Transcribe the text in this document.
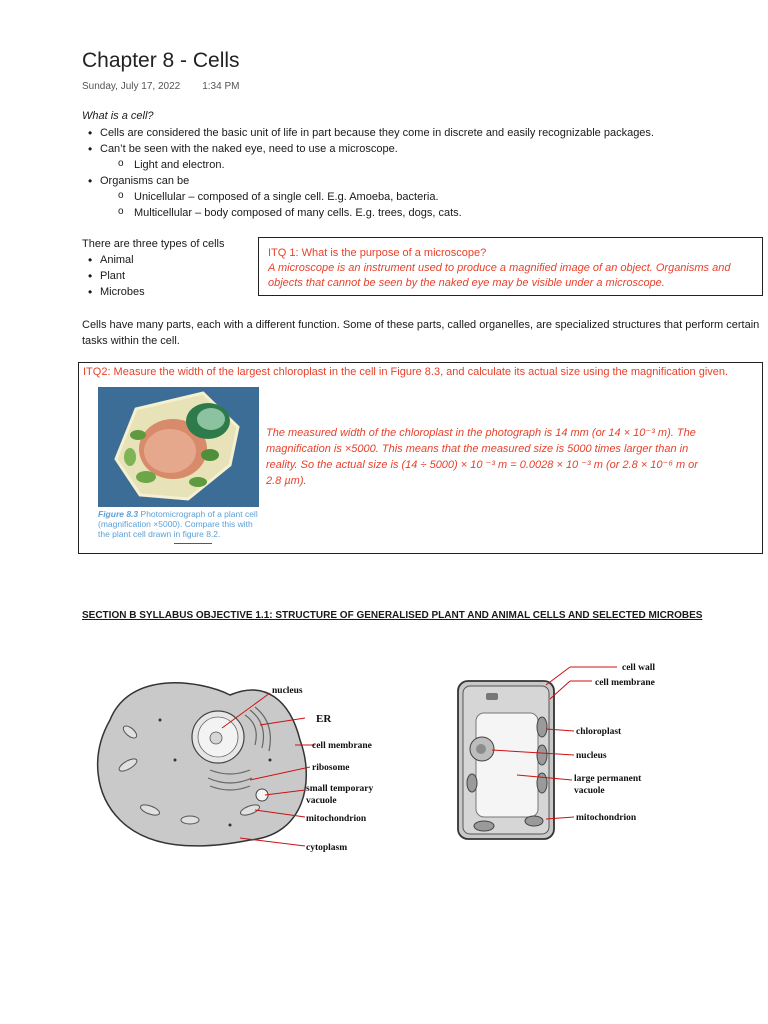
Chapter 8 - Cells
Sunday, July 17, 2022 1:34 PM
What is a cell?
• Cells are considered the basic unit of life in part because they come in discrete and easily recognizable packages.
• Can’t be seen with the naked eye, need to use a microscope.
o Light and electron.
• Organisms can be
o Unicellular – composed of a single cell. E.g. Amoeba, bacteria.
o Multicellular – body composed of many cells. E.g. trees, dogs, cats.
There are three types of cells
• Animal
• Plant
• Microbes
ITQ 1: What is the purpose of a microscope?
A microscope is an instrument used to produce a magnified image of an object. Organisms and objects that cannot be seen by the naked eye may be visible under a microscope.
Cells have many parts, each with a different function. Some of these parts, called organelles, are specialized structures that perform certain tasks within the cell.
ITQ2: Measure the width of the largest chloroplast in the cell in Figure 8.3, and calculate its actual size using the magnification given.
Figure 8.3 Photomicrograph of a plant cell (magnification ×5000). Compare this with the plant cell drawn in figure 8.2.
The measured width of the chloroplast in the photograph is 14 mm (or 14 × 10⁻³ m). The magnification is ×5000. This means that the measured size is 5000 times larger than in reality. So the actual size is (14 ÷ 5000) × 10 ⁻³ m = 0.0028 × 10 ⁻³ m (or 2.8 × 10⁻⁶ m or 2.8 µm).
SECTION B SYLLABUS OBJECTIVE 1.1: STRUCTURE OF GENERALISED PLANT AND ANIMAL CELLS AND SELECTED MICROBES
nucleus
ER
cell membrane
ribosome
small temporary
vacuole
mitochondrion
cytoplasm
cell wall
cell membrane
chloroplast
nucleus
large permanent
vacuole
mitochondrion
